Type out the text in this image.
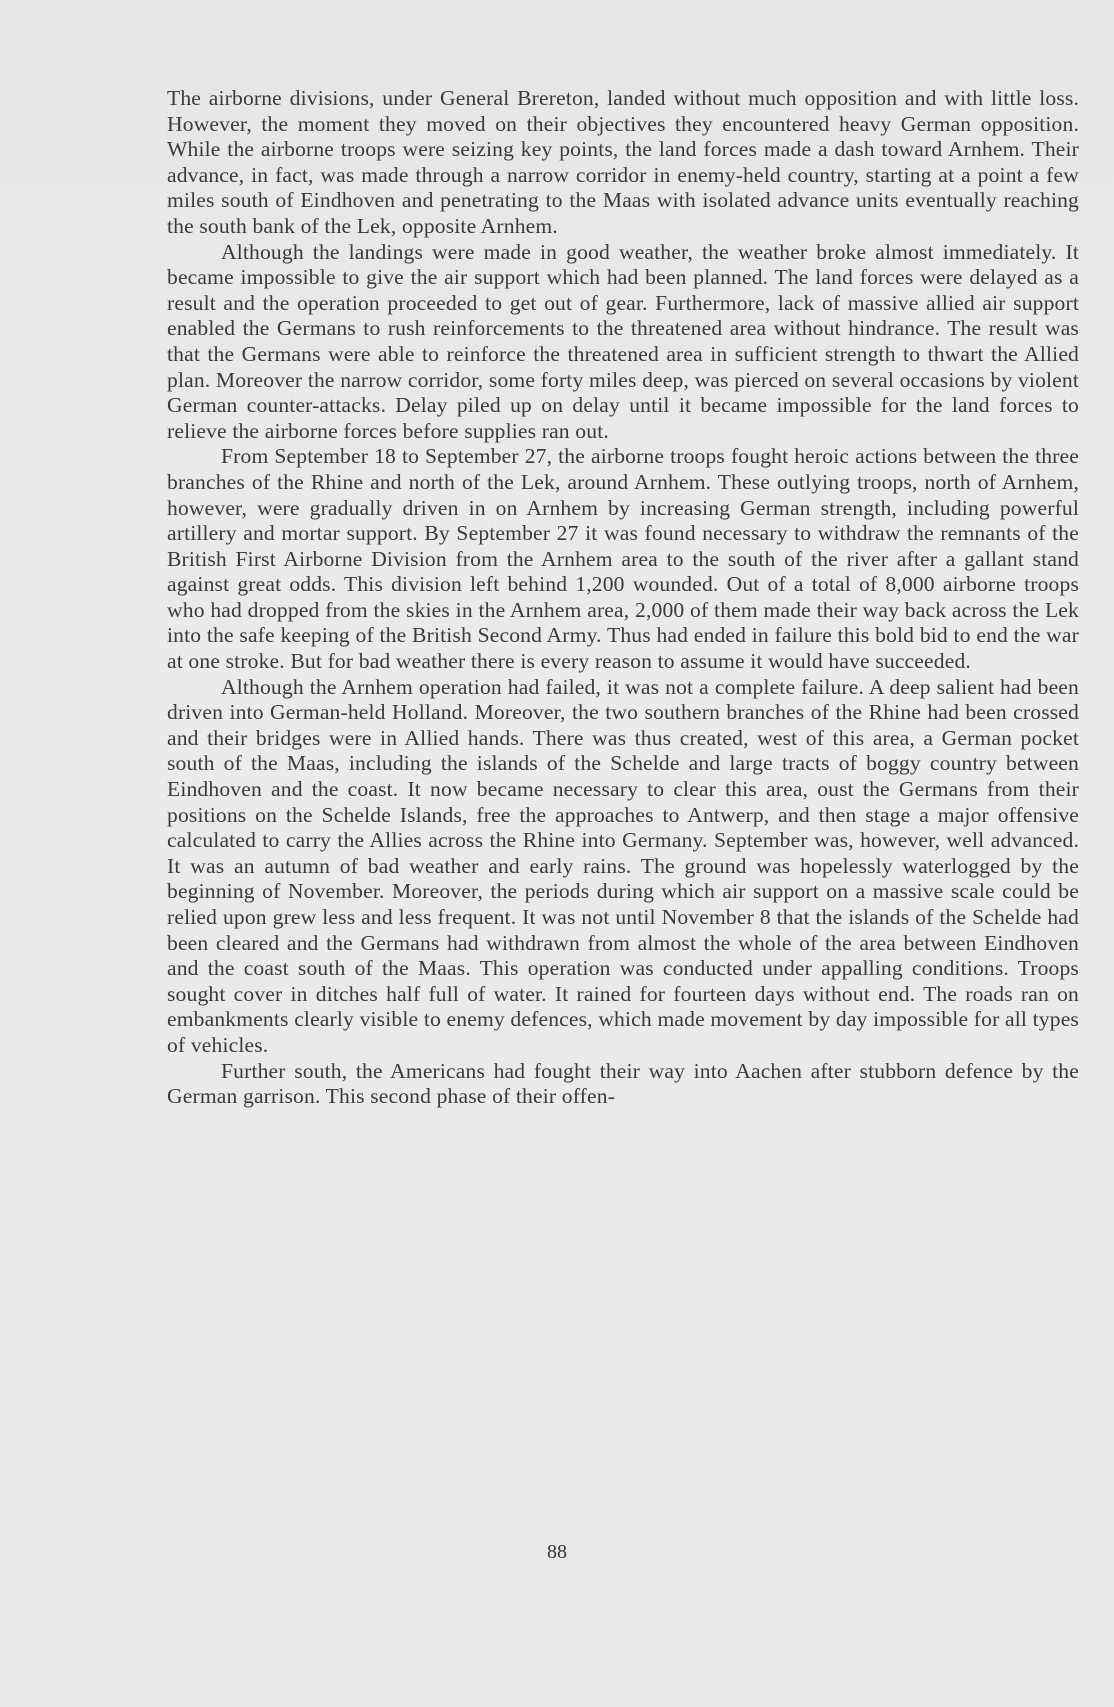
The airborne divisions, under General Brereton, landed without much opposition and with little loss. However, the moment they moved on their objectives they encountered heavy German opposition. While the airborne troops were seizing key points, the land forces made a dash toward Arnhem. Their advance, in fact, was made through a narrow corridor in enemy-held country, starting at a point a few miles south of Eindhoven and penetrating to the Maas with isolated advance units eventually reaching the south bank of the Lek, opposite Arnhem.

Although the landings were made in good weather, the weather broke almost immediately. It became impossible to give the air support which had been planned. The land forces were delayed as a result and the operation proceeded to get out of gear. Furthermore, lack of massive allied air support enabled the Germans to rush reinforcements to the threatened area without hindrance. The result was that the Germans were able to reinforce the threatened area in sufficient strength to thwart the Allied plan. Moreover the narrow corridor, some forty miles deep, was pierced on several occasions by violent German counter-attacks. Delay piled up on delay until it became impossible for the land forces to relieve the airborne forces before supplies ran out.

From September 18 to September 27, the airborne troops fought heroic actions between the three branches of the Rhine and north of the Lek, around Arnhem. These outlying troops, north of Arnhem, however, were gradually driven in on Arnhem by increasing German strength, including powerful artillery and mortar support. By September 27 it was found necessary to withdraw the remnants of the British First Airborne Division from the Arnhem area to the south of the river after a gallant stand against great odds. This division left behind 1,200 wounded. Out of a total of 8,000 airborne troops who had dropped from the skies in the Arnhem area, 2,000 of them made their way back across the Lek into the safe keeping of the British Second Army. Thus had ended in failure this bold bid to end the war at one stroke. But for bad weather there is every reason to assume it would have succeeded.

Although the Arnhem operation had failed, it was not a complete failure. A deep salient had been driven into German-held Holland. Moreover, the two southern branches of the Rhine had been crossed and their bridges were in Allied hands. There was thus created, west of this area, a German pocket south of the Maas, including the islands of the Schelde and large tracts of boggy country between Eindhoven and the coast. It now became necessary to clear this area, oust the Germans from their positions on the Schelde Islands, free the approaches to Antwerp, and then stage a major offensive calculated to carry the Allies across the Rhine into Germany. September was, however, well advanced. It was an autumn of bad weather and early rains. The ground was hopelessly waterlogged by the beginning of November. Moreover, the periods during which air support on a massive scale could be relied upon grew less and less frequent. It was not until November 8 that the islands of the Schelde had been cleared and the Germans had withdrawn from almost the whole of the area between Eindhoven and the coast south of the Maas. This operation was conducted under appalling conditions. Troops sought cover in ditches half full of water. It rained for fourteen days without end. The roads ran on embankments clearly visible to enemy defences, which made movement by day impossible for all types of vehicles.

Further south, the Americans had fought their way into Aachen after stubborn defence by the German garrison. This second phase of their offen-

88
